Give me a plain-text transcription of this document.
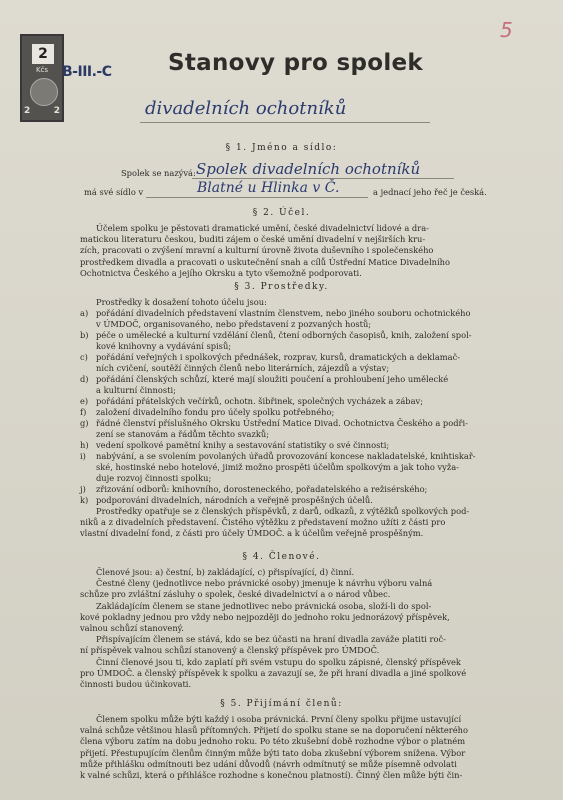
5
2
Kčs
2	2
B-III.-C Stanovy pro spolek
divadelních ochotníků
§ 1. Jméno a sídlo:
Spolek se nazývá: Spolek divadelních ochotníků
má své sídlo v	Blatné u Hlinka v Č.	a jednací jeho řeč je česká.
§ 2. Účel.
Účelem spolku je pěstovati dramatické umění, české divadelnictví lidové a dra-
matickou literaturu českou, buditi zájem o české umění divadelní v nejširších kru-
zích, pracovati o zvýšení mravní a kulturní úrovně života duševního i společenského
prostředkem divadla a pracovati o uskutečnění snah a cílů Ústřední Matice Divadelního
Ochotnictva Českého a jejího Okrsku a tyto všemožně podporovati.
§ 3. Prostředky.
Prostředky k dosažení tohoto účelu jsou:
a) pořádání divadelních představení vlastním členstvem, nebo jiného souboru ochotnického
v ÚMDOČ, organisovaného, nebo představení z pozvaných hostů;
b) péče o umělecké a kulturní vzdělání členů, čtení odborných časopisů, knih, založení spol-
kové knihovny a vydávání spisů;
c) pořádání veřejných i spolkových přednášek, rozprav, kursů, dramatických a deklamač-
ních cvičení, soutěží činných členů nebo literárních, zájezdů a výstav;
d) pořádání členských schůzí, které mají sloužiti poučení a prohloubení jeho umělecké
a kulturní činnosti;
e) pořádání přátelských večírků, ochotn. šibřinek, společných vycházek a zábav;
f) založení divadelního fondu pro účely spolku potřebného;
g) řádné členství příslušného Okrsku Ústřední Matice Divad. Ochotnictva Českého a podři-
zení se stanovám a řádům těchto svazků;
h) vedení spolkové pamětní knihy a sestavování statistiky o své činnosti;
i) nabývání, a se svolením povolaných úřadů provozování koncese nakladatelské, knihtiskař-
ské, hostinské nebo hotelové, jimiž možno prospěti účelům spolkovým a jak toho vyža-
duje rozvoj činnosti spolku;
j) zřizování odborů: knihovního, dorosteneckého, pořadatelského a režisérského;
k) podporování divadelních, národních a veřejně prospěšných účelů.
Prostředky opatřuje se z členských příspěvků, z darů, odkazů, z výtěžků spolkových pod-
niků a z divadelních představení. Čistého výtěžku z představení možno užíti z části pro
vlastní divadelní fond, z části pro účely ÚMDOČ. a k účelům veřejně prospěšným.
§ 4. Členové.
Členové jsou: a) čestní, b) zakládající, c) přispívající, d) činní.
Čestné členy (jednotlivce nebo právnické osoby) jmenuje k návrhu výboru valná
schůze pro zvláštní zásluhy o spolek, české divadelnictví a o národ vůbec.
Zakládajícím členem se stane jednotlivec nebo právnická osoba, složí-li do spol-
kové pokladny jednou pro vždy nebo nejpozději do jednoho roku jednorázový příspěvek,
valnou schůzí stanovený.
Přispívajícím členem se stává, kdo se bez účasti na hraní divadla zaváže platiti roč-
ní příspěvek valnou schůzí stanovený a členský příspěvek pro ÚMDOČ.
Činní členové jsou ti, kdo zaplatí při svém vstupu do spolku zápisné, členský příspěvek
pro ÚMDOČ. a členský příspěvek k spolku a zavazují se, že při hraní divadla a jiné spolkové
činnosti budou účinkovati.
§ 5. Přijímání členů:
Členem spolku může býti každý i osoba právnická. První členy spolku přijme ustavující
valná schůze většinou hlasů přítomných. Přijetí do spolku stane se na doporučení některého
člena výboru zatím na dobu jednoho roku. Po této zkušební době rozhodne výbor o platném
přijetí. Přestupujícím členům činným může býti tato doba zkušební výborem snížena. Výbor
může přihlášku odmítnouti bez udání důvodů (návrh odmítnutý se může písemně odvolati
k valné schůzi, která o přihlášce rozhodne s konečnou platností). Činný člen může býti čin-
